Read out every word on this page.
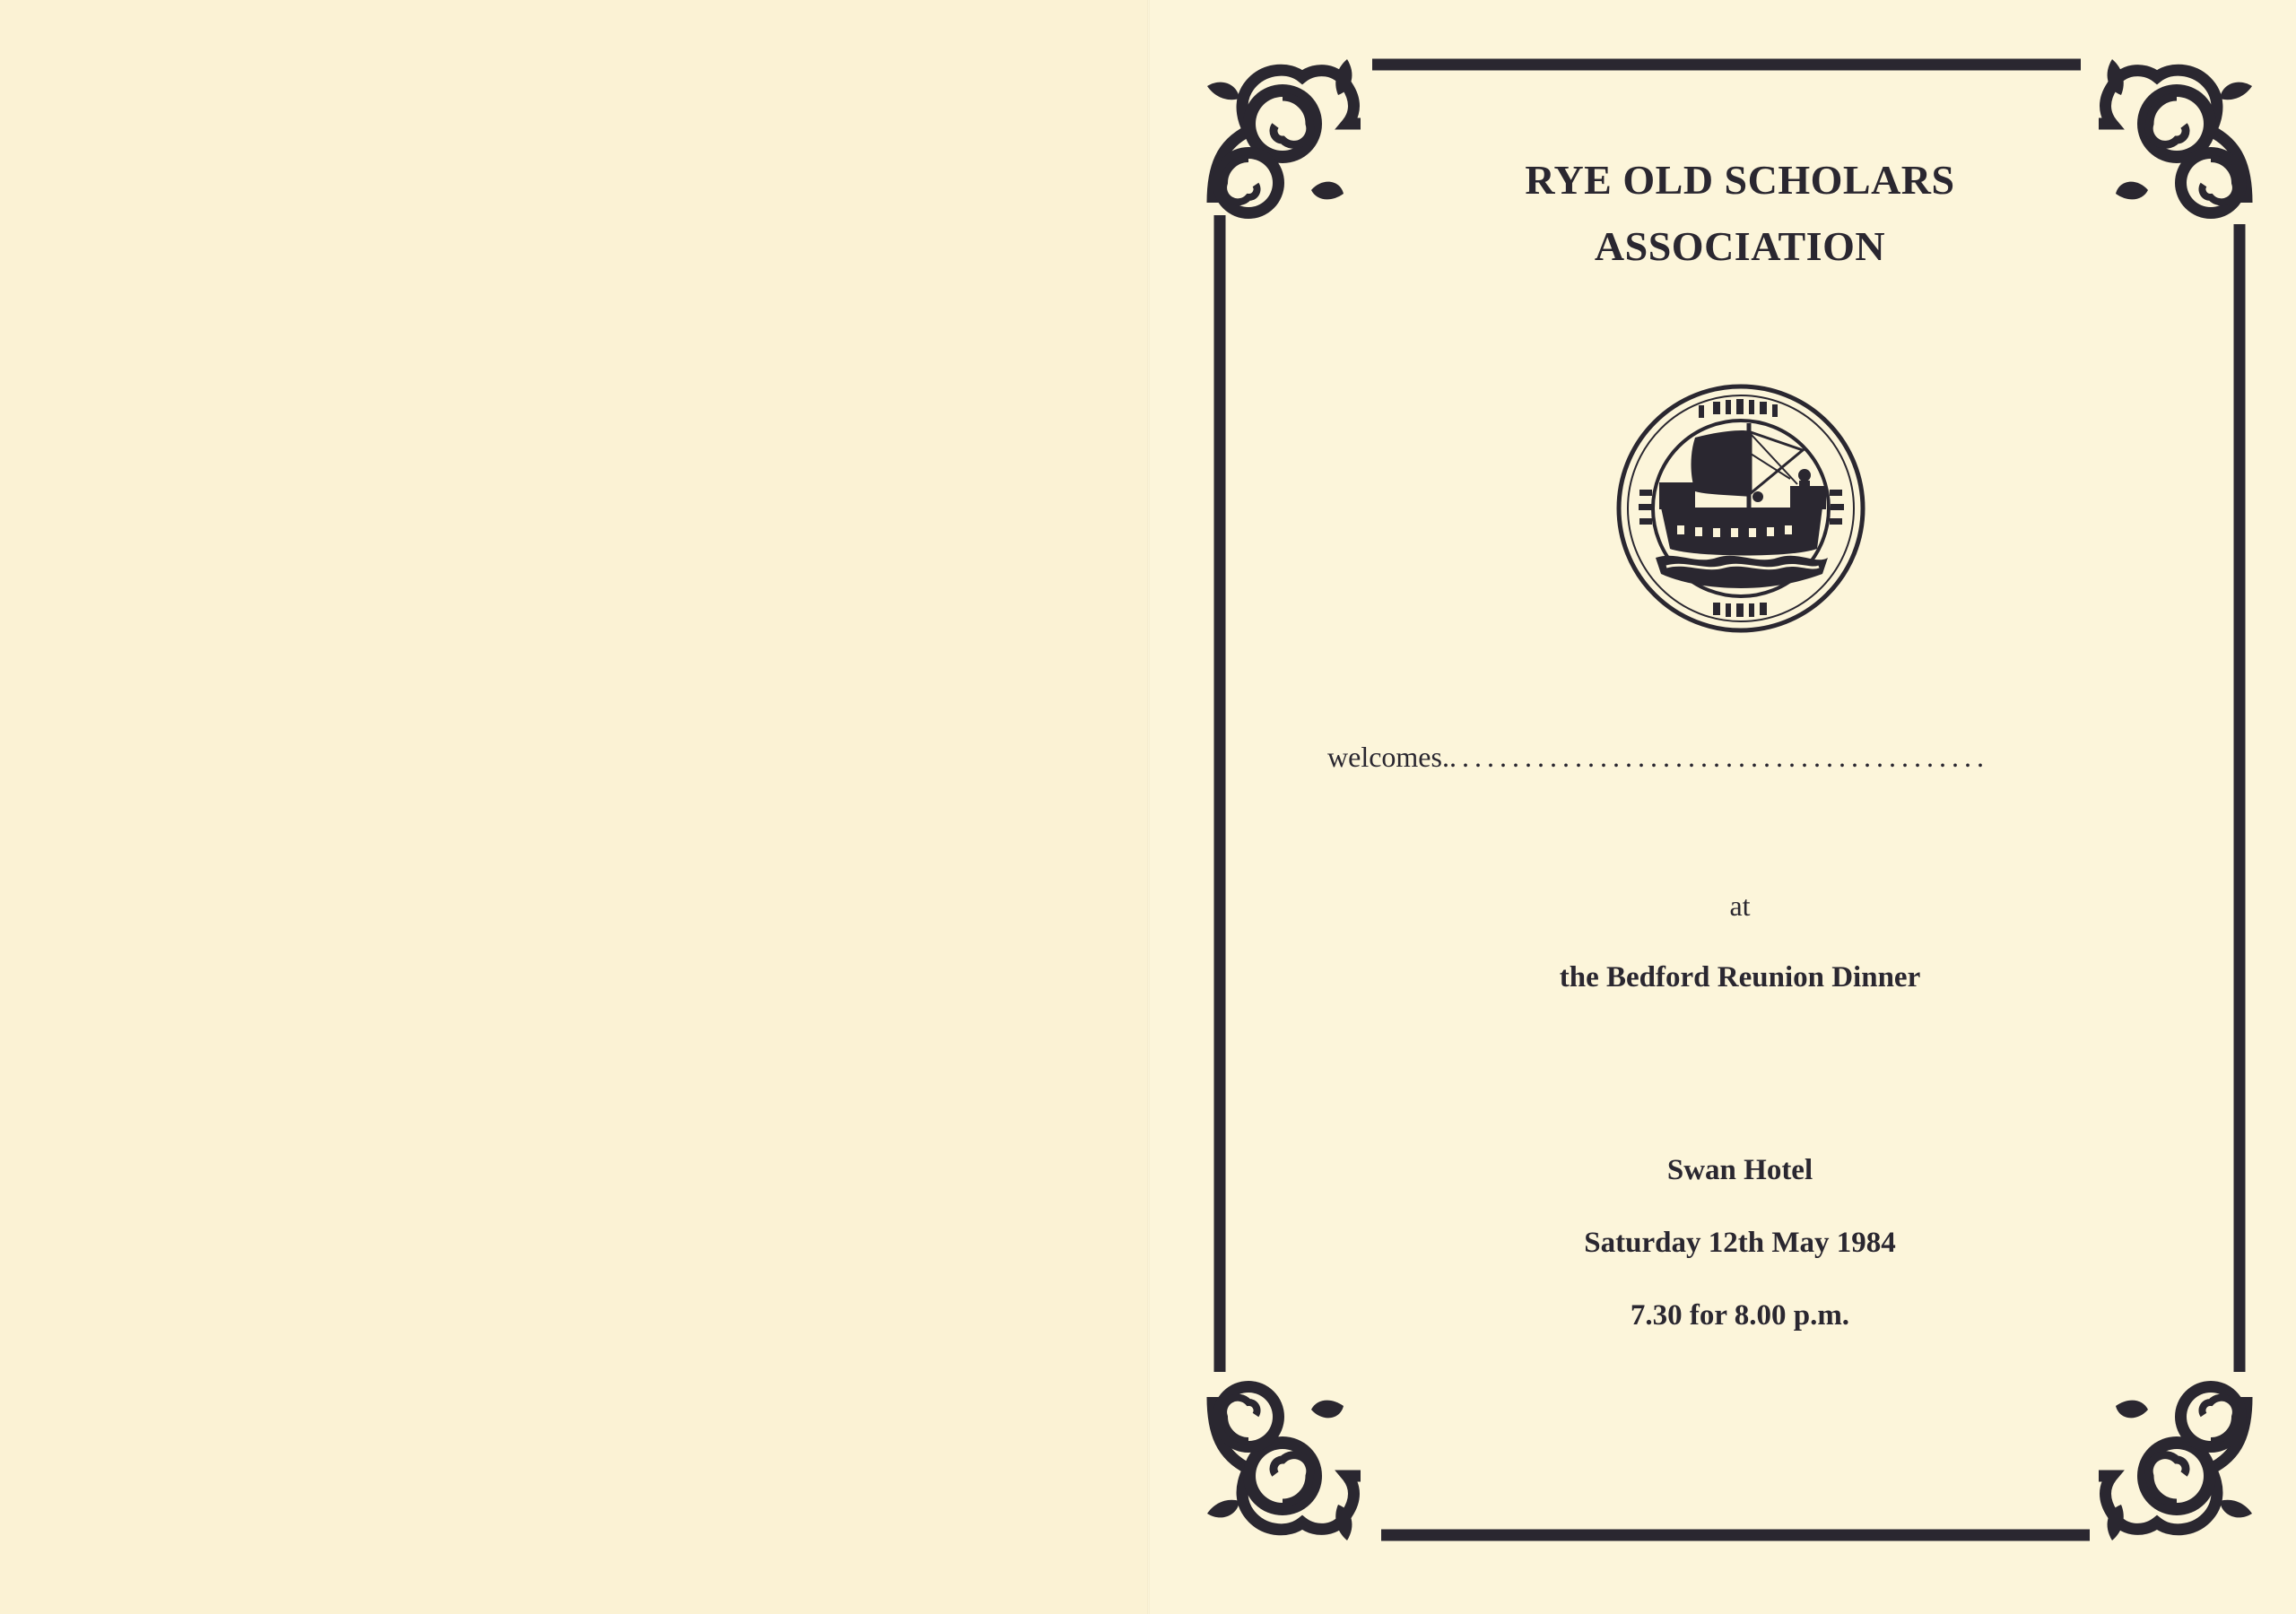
RYE OLD SCHOLARS
ASSOCIATION
welcomes............................................
at
the Bedford Reunion Dinner
Swan Hotel
Saturday 12th May 1984
7.30 for 8.00 p.m.
